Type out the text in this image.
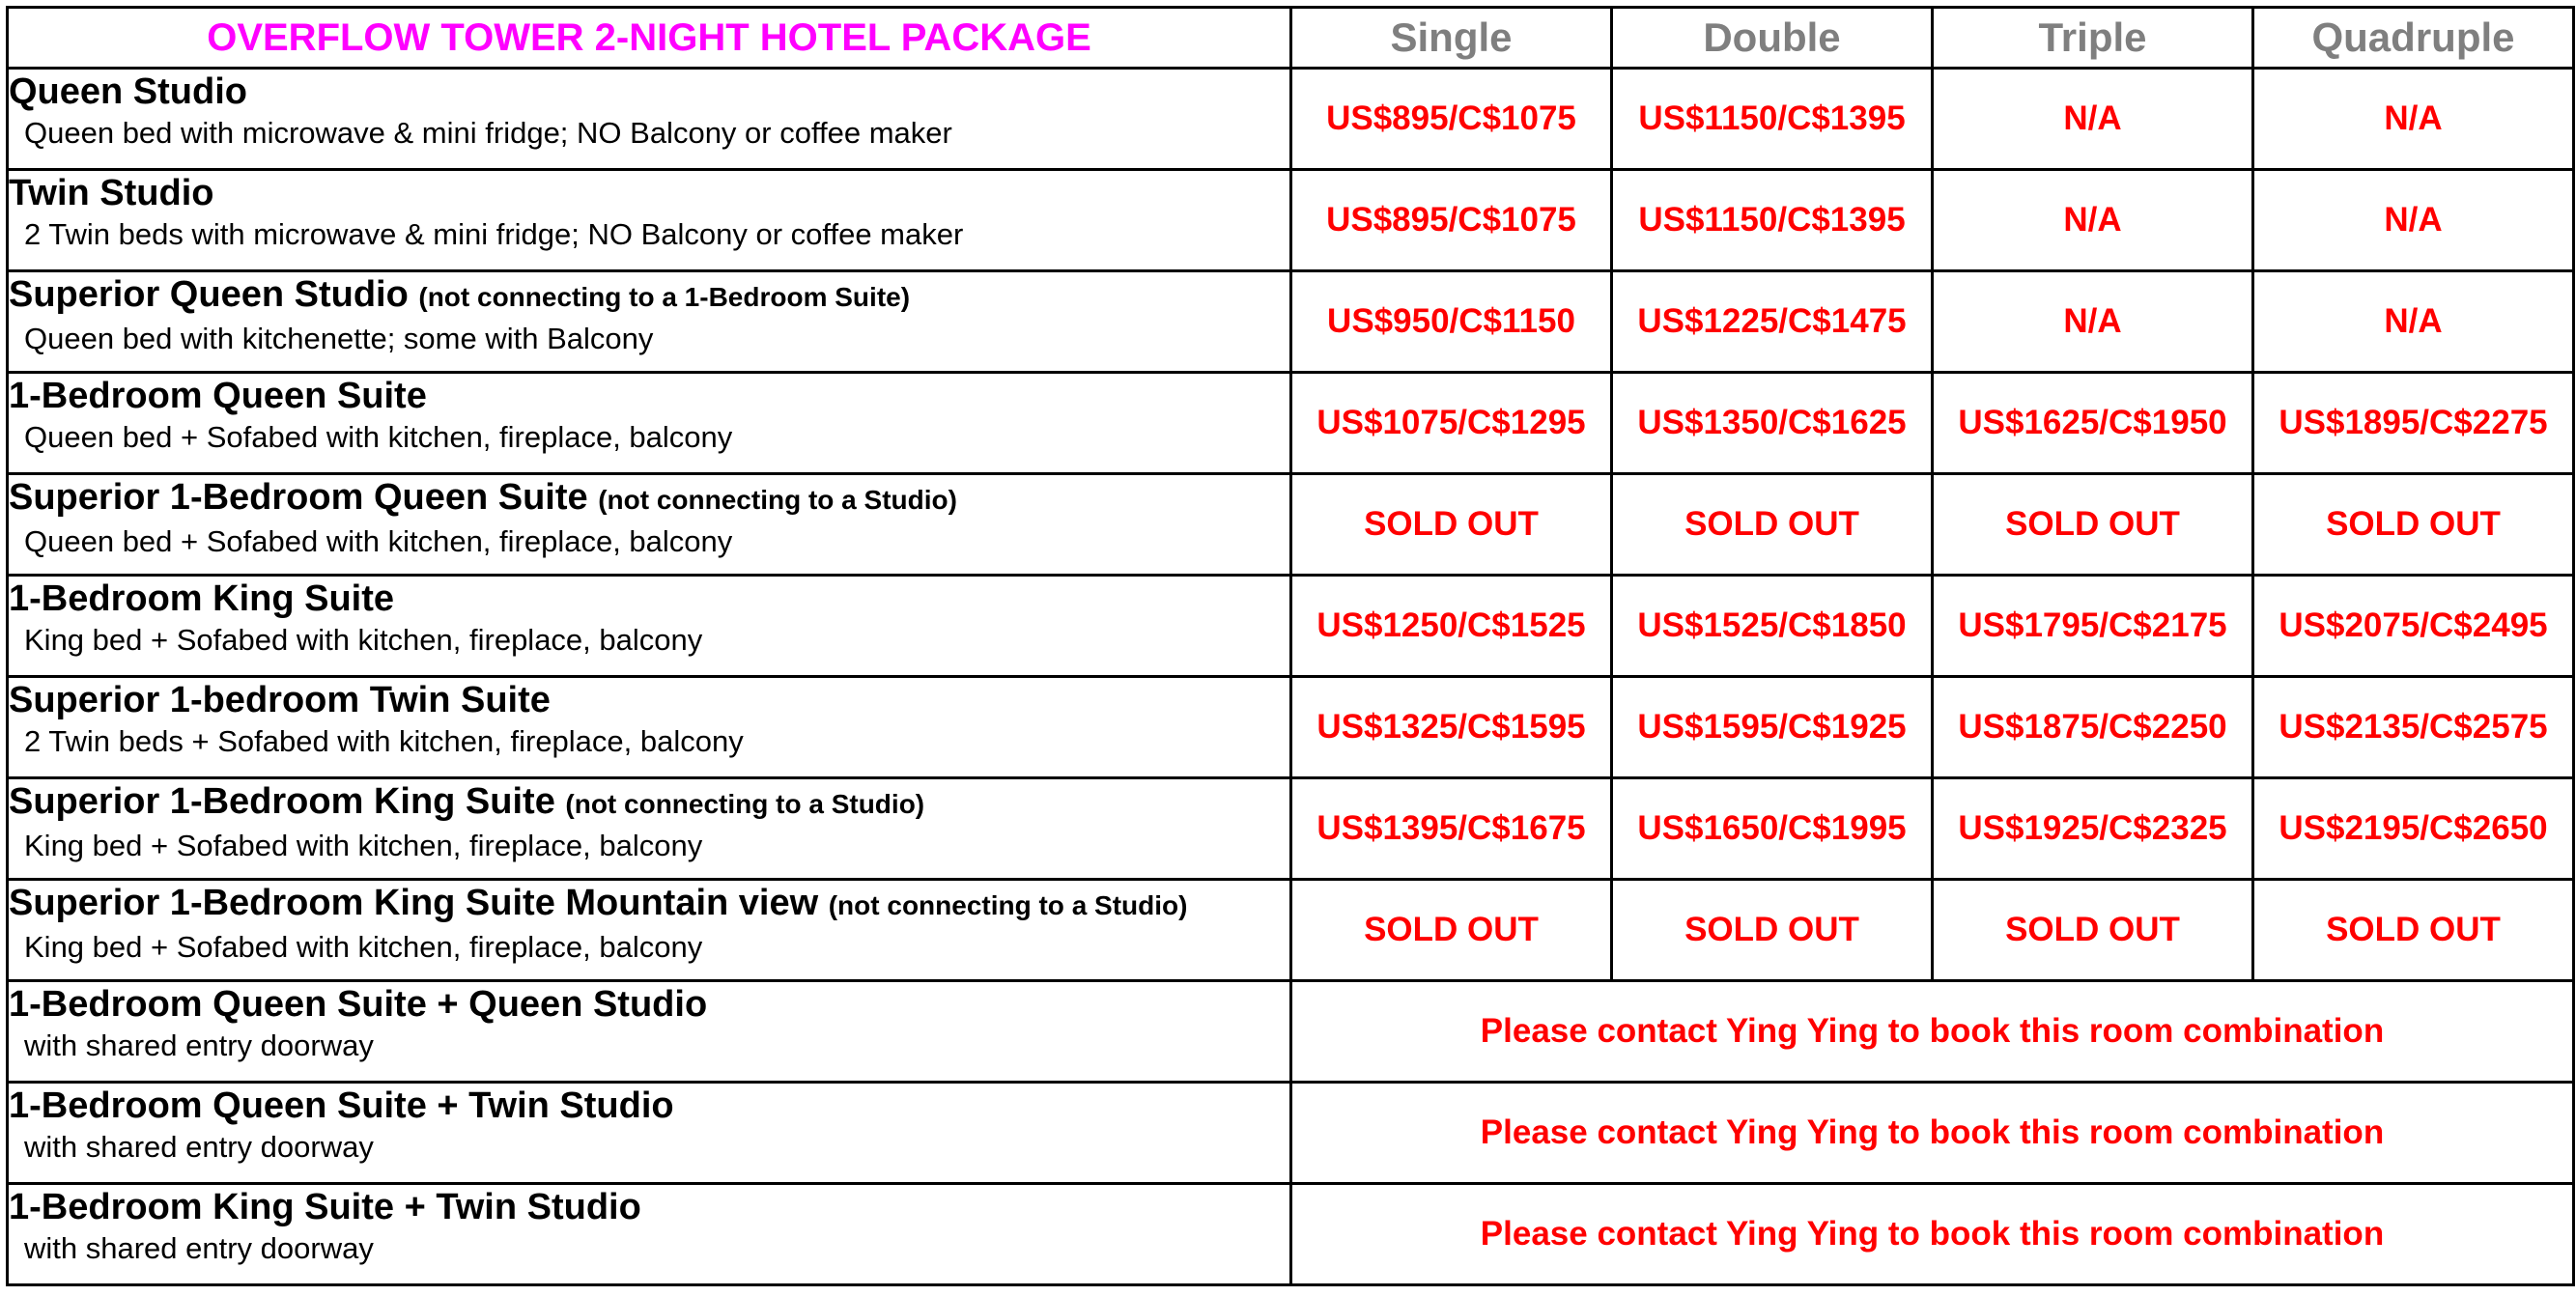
OVERFLOW TOWER 2-NIGHT HOTEL PACKAGE	Single	Double	Triple	Quadruple

Queen Studio
Queen bed with microwave & mini fridge; NO Balcony or coffee maker	US$895/C$1075	US$1150/C$1395	N/A	N/A

Twin Studio
2 Twin beds with microwave & mini fridge; NO Balcony or coffee maker	US$895/C$1075	US$1150/C$1395	N/A	N/A

Superior Queen Studio (not connecting to a 1-Bedroom Suite)
Queen bed with kitchenette; some with Balcony	US$950/C$1150	US$1225/C$1475	N/A	N/A

1-Bedroom Queen Suite
Queen bed + Sofabed with kitchen, fireplace, balcony	US$1075/C$1295	US$1350/C$1625	US$1625/C$1950	US$1895/C$2275

Superior 1-Bedroom Queen Suite (not connecting to a Studio)
Queen bed + Sofabed with kitchen, fireplace, balcony	SOLD OUT	SOLD OUT	SOLD OUT	SOLD OUT

1-Bedroom King Suite
King bed + Sofabed with kitchen, fireplace, balcony	US$1250/C$1525	US$1525/C$1850	US$1795/C$2175	US$2075/C$2495

Superior 1-bedroom Twin Suite
2 Twin beds + Sofabed with kitchen, fireplace, balcony	US$1325/C$1595	US$1595/C$1925	US$1875/C$2250	US$2135/C$2575

Superior 1-Bedroom King Suite (not connecting to a Studio)
King bed + Sofabed with kitchen, fireplace, balcony	US$1395/C$1675	US$1650/C$1995	US$1925/C$2325	US$2195/C$2650

Superior 1-Bedroom King Suite Mountain view (not connecting to a Studio)
King bed + Sofabed with kitchen, fireplace, balcony	SOLD OUT	SOLD OUT	SOLD OUT	SOLD OUT

1-Bedroom Queen Suite + Queen Studio
with shared entry doorway	Please contact Ying Ying to book this room combination			

1-Bedroom Queen Suite + Twin Studio
with shared entry doorway	Please contact Ying Ying to book this room combination			

1-Bedroom King Suite + Twin Studio
with shared entry doorway	Please contact Ying Ying to book this room combination			
